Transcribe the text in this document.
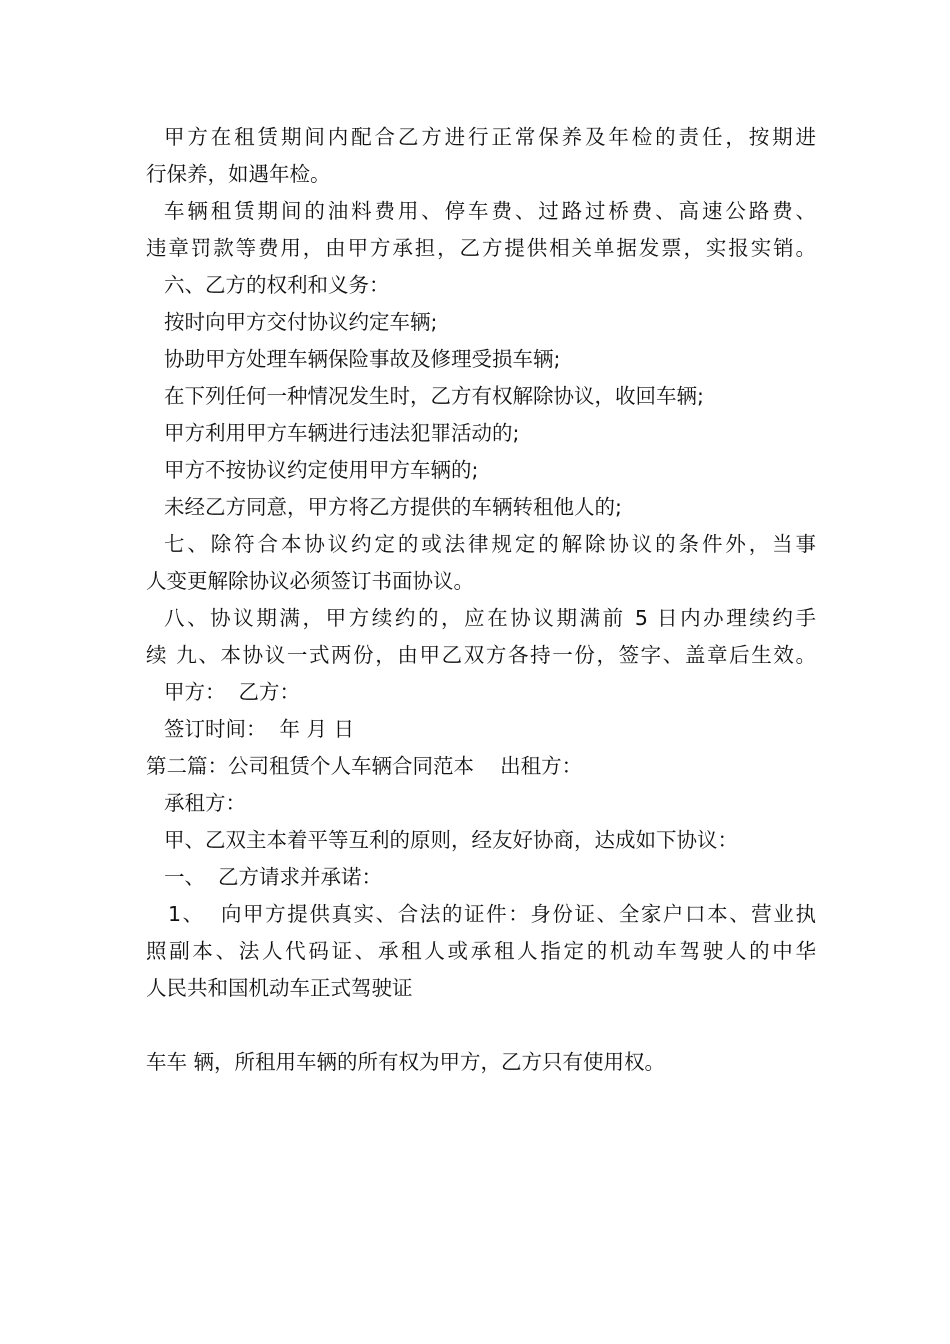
甲方在租赁期间内配合乙方进行正常保养及年检的责任，按期进
行保养，如遇年检。
车辆租赁期间的油料费用、停车费、过路过桥费、高速公路费、
违章罚款等费用，由甲方承担，乙方提供相关单据发票，实报实销。
六、乙方的权利和义务：
按时向甲方交付协议约定车辆;
协助甲方处理车辆保险事故及修理受损车辆;
在下列任何一种情况发生时，乙方有权解除协议，收回车辆;
甲方利用甲方车辆进行违法犯罪活动的;
甲方不按协议约定使用甲方车辆的;
未经乙方同意，甲方将乙方提供的车辆转租他人的;
七、除符合本协议约定的或法律规定的解除协议的条件外，当事
人变更解除协议必须签订书面协议。
八、协议期满，甲方续约的，应在协议期满前 5 日内办理续约手
续 九、本协议一式两份，由甲乙双方各持一份，签字、盖章后生效。
甲方：  乙方：
签订时间：  年 月 日
第二篇：公司租赁个人车辆合同范本    出租方：
承租方：
甲、乙双主本着平等互利的原则，经友好协商，达成如下协议：
一、  乙方请求并承诺：
1、  向甲方提供真实、合法的证件：身份证、全家户口本、营业执
照副本、法人代码证、承租人或承租人指定的机动车驾驶人的中华
人民共和国机动车正式驾驶证

车车 辆，所租用车辆的所有权为甲方，乙方只有使用权。
